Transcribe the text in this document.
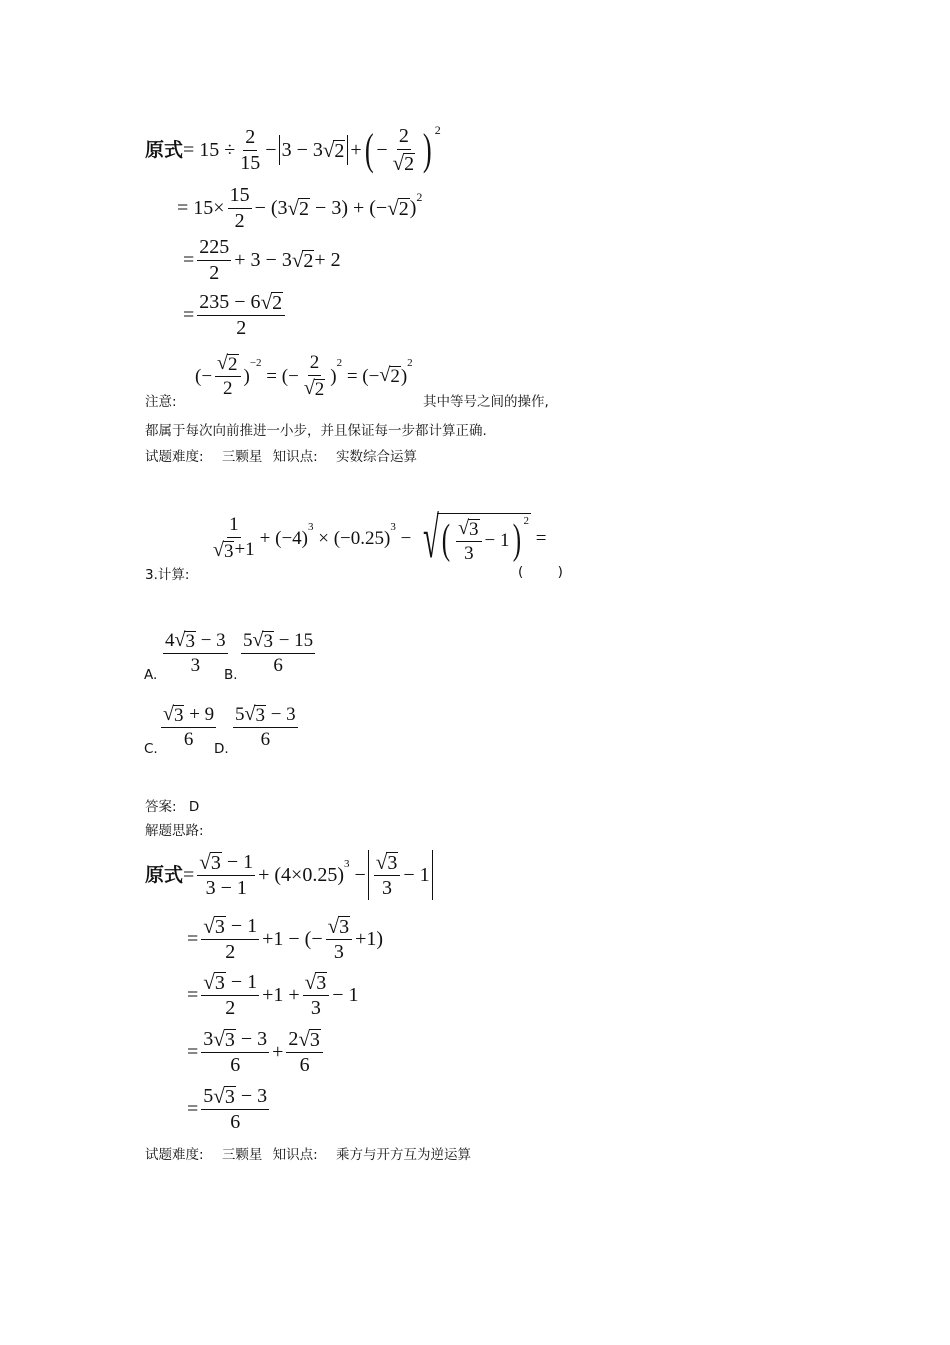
原式 = $15 \div \frac{2}{15} - 3 - 3$ √ 2 + ( − $\frac{2}{√ 2}$ ) 2
= $15\times \frac{15}{2} - (3$ √ 2 − 3) + (− √ 2 ) 2
= $\frac{225}{2} + 3 - 3$ √ 2 + 2
= $\frac{235 - 6 √ 2}{2}$
注意:
(− $\frac{√ 2}{2}$ )
−2
= (− $\frac{2}{√ 2}$ )
2
= (− √ 2 )
2
其中等号之间的操作,
都属于每次向前推进一小步，并且保证每一步都计算正确.
试题难度: 三颗星 知识点: 实数综合运算
3.计算:
$\frac{1}{√ 3 +1} + (-4)$
3
× (−0.25)
3
− √ ( $\frac{√ 3}{3} - 1$ ) 2
=
(        )
A. $\frac{4 √ 3 - 3}{3}$
B. $\frac{5 √ 3 - 15}{6}$
C. $\frac{√ 3 + 9}{6}$
D. $\frac{5 √ 3 - 3}{6}$
答案: D
解题思路:
原式 = $\frac{√ 3 - 1}{3 - 1} + (4\times 0.25) 3 - \frac{√ 3}{3} - 1$
= $\frac{√ 3 - 1}{2} +1$ − (− $\frac{√ 3}{3} +1$)
= $\frac{√ 3 - 1}{2} +1 + \frac{√ 3}{3} - 1$
= $\frac{3 √ 3 - 3}{6} + \frac{2 √ 3}{6}$
= $\frac{5 √ 3 - 3}{6}$
试题难度: 三颗星 知识点: 乘方与开方互为逆运算
